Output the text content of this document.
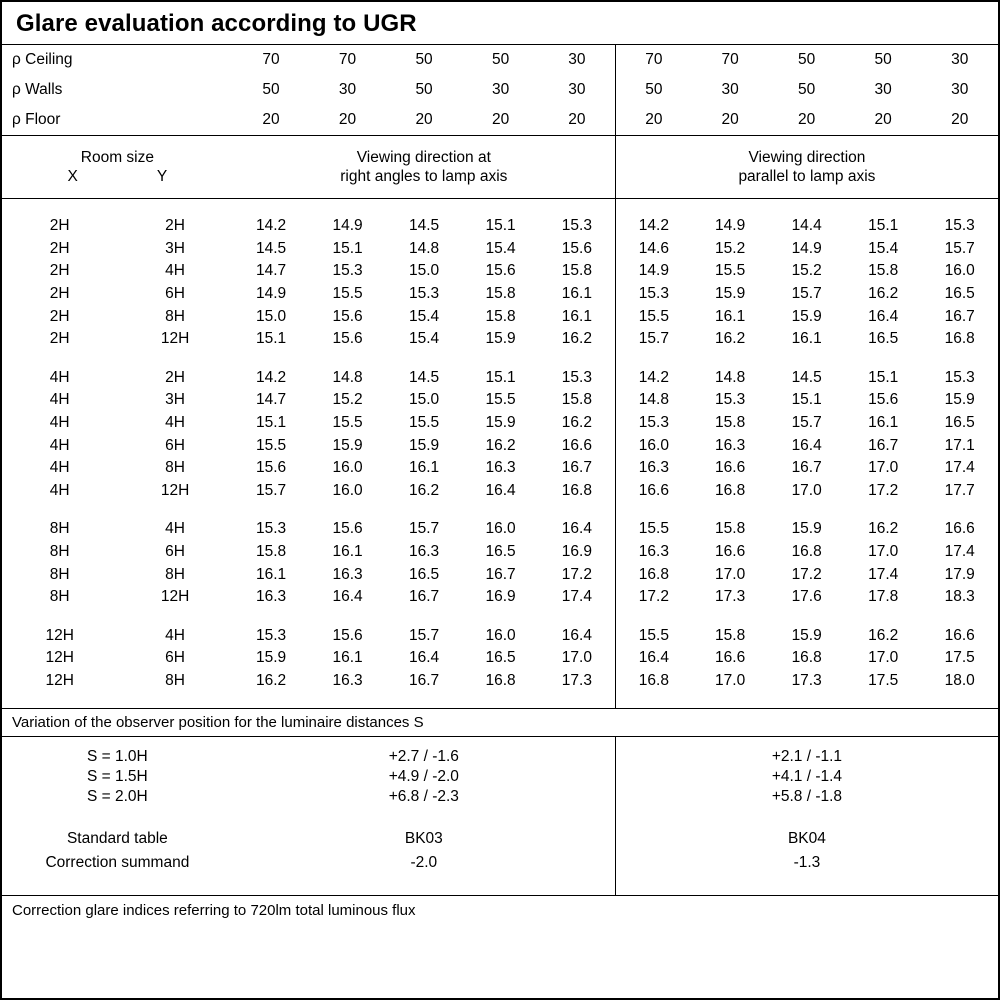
Glare evaluation according to UGR
ρ Ceiling	70	70	50	50	30	70	70	50	50	30
ρ Walls	50	30	50	30	30	50	30	50	30	30
ρ Floor	20	20	20	20	20	20	20	20	20	20
Room size
X	Y

Viewing direction at
right angles to lamp axis

Viewing direction
parallel to lamp axis

2H	2H	14.2	14.9	14.5	15.1	15.3	14.2	14.9	14.4	15.1	15.3
2H	3H	14.5	15.1	14.8	15.4	15.6	14.6	15.2	14.9	15.4	15.7
2H	4H	14.7	15.3	15.0	15.6	15.8	14.9	15.5	15.2	15.8	16.0
2H	6H	14.9	15.5	15.3	15.8	16.1	15.3	15.9	15.7	16.2	16.5
2H	8H	15.0	15.6	15.4	15.8	16.1	15.5	16.1	15.9	16.4	16.7
2H	12H	15.1	15.6	15.4	15.9	16.2	15.7	16.2	16.1	16.5	16.8

4H	2H	14.2	14.8	14.5	15.1	15.3	14.2	14.8	14.5	15.1	15.3
4H	3H	14.7	15.2	15.0	15.5	15.8	14.8	15.3	15.1	15.6	15.9
4H	4H	15.1	15.5	15.5	15.9	16.2	15.3	15.8	15.7	16.1	16.5
4H	6H	15.5	15.9	15.9	16.2	16.6	16.0	16.3	16.4	16.7	17.1
4H	8H	15.6	16.0	16.1	16.3	16.7	16.3	16.6	16.7	17.0	17.4
4H	12H	15.7	16.0	16.2	16.4	16.8	16.6	16.8	17.0	17.2	17.7

8H	4H	15.3	15.6	15.7	16.0	16.4	15.5	15.8	15.9	16.2	16.6
8H	6H	15.8	16.1	16.3	16.5	16.9	16.3	16.6	16.8	17.0	17.4
8H	8H	16.1	16.3	16.5	16.7	17.2	16.8	17.0	17.2	17.4	17.9
8H	12H	16.3	16.4	16.7	16.9	17.4	17.2	17.3	17.6	17.8	18.3

12H	4H	15.3	15.6	15.7	16.0	16.4	15.5	15.8	15.9	16.2	16.6
12H	6H	15.9	16.1	16.4	16.5	17.0	16.4	16.6	16.8	17.0	17.5
12H	8H	16.2	16.3	16.7	16.8	17.3	16.8	17.0	17.3	17.5	18.0

Variation of the observer position for the luminaire distances S

S = 1.0H	+2.7 / -1.6	+2.1 / -1.1
S = 1.5H	+4.9 / -2.0	+4.1 / -1.4
S = 2.0H	+6.8 / -2.3	+5.8 / -1.8

Standard table	BK03	BK04
Correction summand	-2.0	-1.3

Correction glare indices referring to 720lm total luminous flux
